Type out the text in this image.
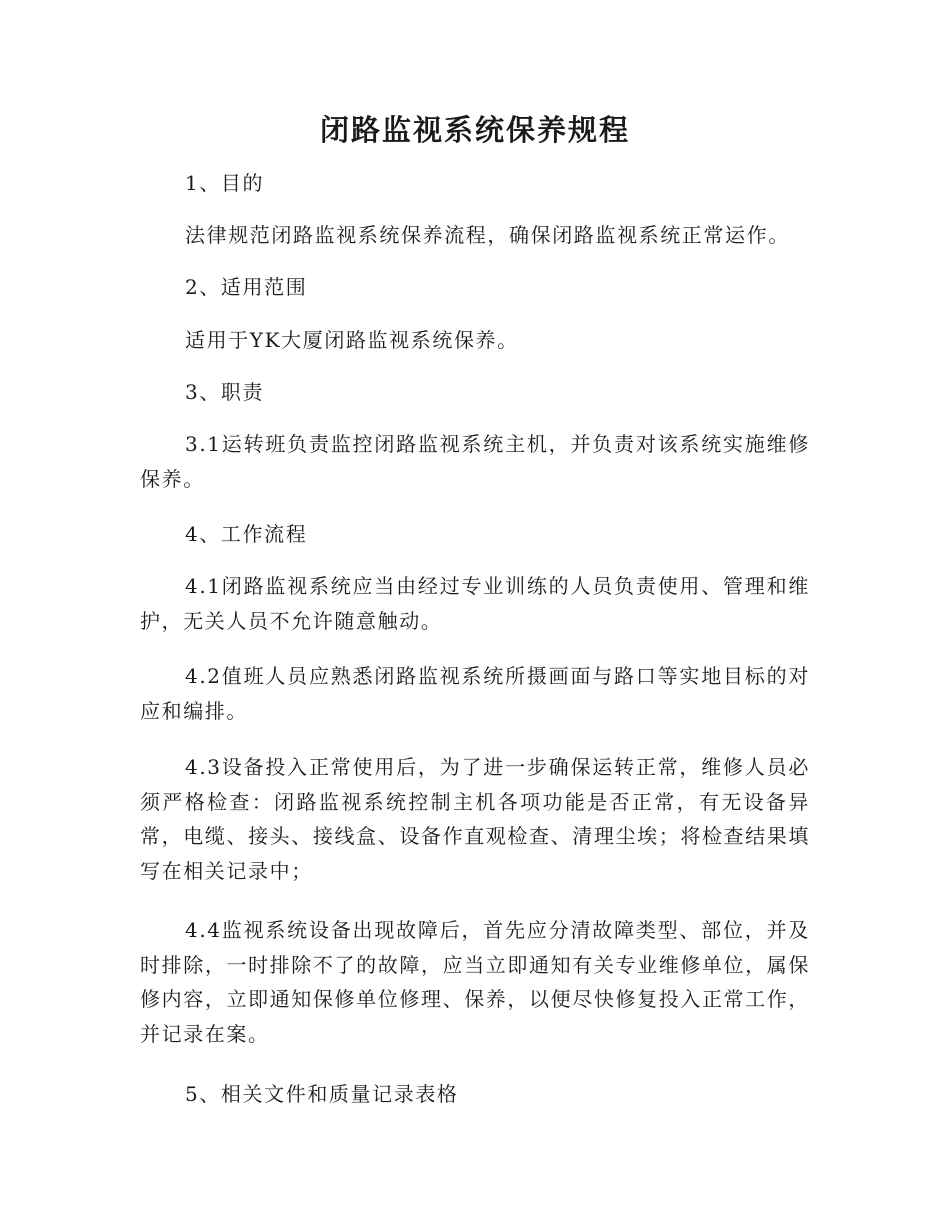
闭路监视系统保养规程

1、目的

法律规范闭路监视系统保养流程，确保闭路监视系统正常运作。

2、适用范围

适用于YK大厦闭路监视系统保养。

3、职责

3.1运转班负责监控闭路监视系统主机，并负责对该系统实施维修保养。

4、工作流程

4.1闭路监视系统应当由经过专业训练的人员负责使用、管理和维护，无关人员不允许随意触动。

4.2值班人员应熟悉闭路监视系统所摄画面与路口等实地目标的对应和编排。

4.3设备投入正常使用后，为了进一步确保运转正常，维修人员必须严格检查：闭路监视系统控制主机各项功能是否正常，有无设备异常，电缆、接头、接线盒、设备作直观检查、清理尘埃；将检查结果填写在相关记录中；

4.4监视系统设备出现故障后，首先应分清故障类型、部位，并及时排除，一时排除不了的故障，应当立即通知有关专业维修单位，属保修内容，立即通知保修单位修理、保养，以便尽快修复投入正常工作，并记录在案。

5、相关文件和质量记录表格
